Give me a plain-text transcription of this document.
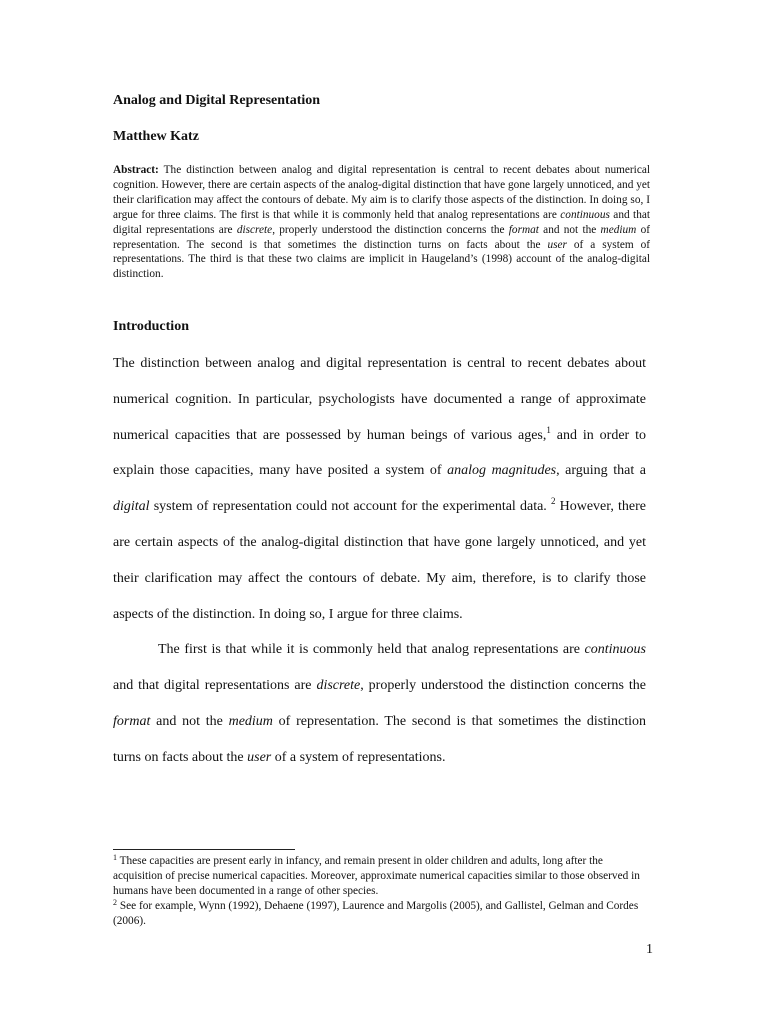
Analog and Digital Representation
Matthew Katz

Abstract: The distinction between analog and digital representation is central to recent debates about numerical cognition. However, there are certain aspects of the analog-digital distinction that have gone largely unnoticed, and yet their clarification may affect the contours of debate. My aim is to clarify those aspects of the distinction. In doing so, I argue for three claims. The first is that while it is commonly held that analog representations are continuous and that digital representations are discrete, properly understood the distinction concerns the format and not the medium of representation. The second is that sometimes the distinction turns on facts about the user of a system of representations. The third is that these two claims are implicit in Haugeland’s (1998) account of the analog-digital distinction.

Introduction

The distinction between analog and digital representation is central to recent debates about numerical cognition. In particular, psychologists have documented a range of approximate numerical capacities that are possessed by human beings of various ages,$^1$ and in order to explain those capacities, many have posited a system of analog magnitudes, arguing that a digital system of representation could not account for the experimental data. $^2$ However, there are certain aspects of the analog-digital distinction that have gone largely unnoticed, and yet their clarification may affect the contours of debate. My aim, therefore, is to clarify those aspects of the distinction. In doing so, I argue for three claims.

The first is that while it is commonly held that analog representations are continuous and that digital representations are discrete, properly understood the distinction concerns the format and not the medium of representation. The second is that sometimes the distinction turns on facts about the user of a system of representations.

$^1$ These capacities are present early in infancy, and remain present in older children and adults, long after the acquisition of precise numerical capacities. Moreover, approximate numerical capacities similar to those observed in humans have been documented in a range of other species.

$^2$ See for example, Wynn (1992), Dehaene (1997), Laurence and Margolis (2005), and Gallistel, Gelman and Cordes (2006).

1
